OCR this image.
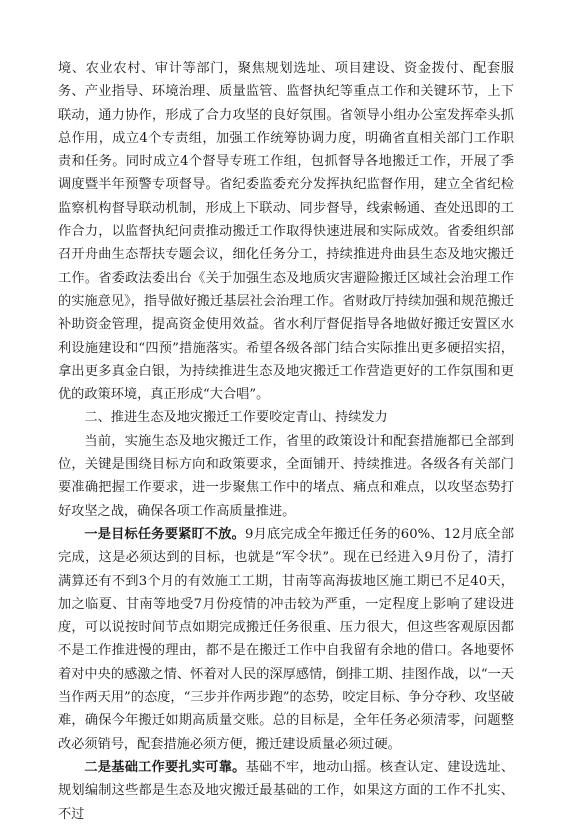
境、农业农村、审计等部门，聚焦规划选址、项目建设、资金拨付、配套服务、产业指导、环境治理、质量监管、监督执纪等重点工作和关键环节，上下联动，通力协作，形成了合力攻坚的良好氛围。省领导小组办公室发挥牵头抓总作用，成立4个专责组，加强工作统筹协调力度，明确省直相关部门工作职责和任务。同时成立4个督导专班工作组，包抓督导各地搬迁工作，开展了季调度暨半年预警专项督导。省纪委监委充分发挥执纪监督作用，建立全省纪检监察机构督导联动机制，形成上下联动、同步督导，线索畅通、查处迅即的工作合力，以监督执纪问责推动搬迁工作取得快速进展和实际成效。省委组织部召开舟曲生态帮扶专题会议，细化任务分工，持续推进舟曲县生态及地灾搬迁工作。省委政法委出台《关于加强生态及地质灾害避险搬迁区域社会治理工作的实施意见》，指导做好搬迁基层社会治理工作。省财政厅持续加强和规范搬迁补助资金管理，提高资金使用效益。省水利厅督促指导各地做好搬迁安置区水利设施建设和“四预”措施落实。希望各级各部门结合实际推出更多硬招实招，拿出更多真金白银，为持续推进生态及地灾搬迁工作营造更好的工作氛围和更优的政策环境，真正形成“大合唱”。

二、推进生态及地灾搬迁工作要咬定青山、持续发力

当前，实施生态及地灾搬迁工作，省里的政策设计和配套措施都已全部到位，关键是围绕目标方向和政策要求，全面铺开、持续推进。各级各有关部门要准确把握工作要求，进一步聚焦工作中的堵点、痛点和难点，以攻坚态势打好攻坚之战，确保各项工作高质量推进。

一是目标任务要紧盯不放。9月底完成全年搬迁任务的60%、12月底全部完成，这是必须达到的目标，也就是“军令状”。现在已经进入9月份了，清打满算还有不到3个月的有效施工工期，甘南等高海拔地区施工期已不足40天，加之临夏、甘南等地受7月份疫情的冲击较为严重，一定程度上影响了建设进度，可以说按时间节点如期完成搬迁任务很重、压力很大，但这些客观原因都不是工作推进慢的理由，都不是在搬迁工作中自我留有余地的借口。各地要怀着对中央的感激之情、怀着对人民的深厚感情，倒排工期、挂图作战，以“一天当作两天用”的态度，“三步并作两步跑”的态势，咬定目标、争分夺秒、攻坚破难，确保今年搬迁如期高质量交账。总的目标是，全年任务必须清零，问题整改必须销号，配套措施必须方便，搬迁建设质量必须过硬。

二是基础工作要扎实可靠。基础不牢，地动山摇。核查认定、建设选址、规划编制这些都是生态及地灾搬迁最基础的工作，如果这方面的工作不扎实、不过
